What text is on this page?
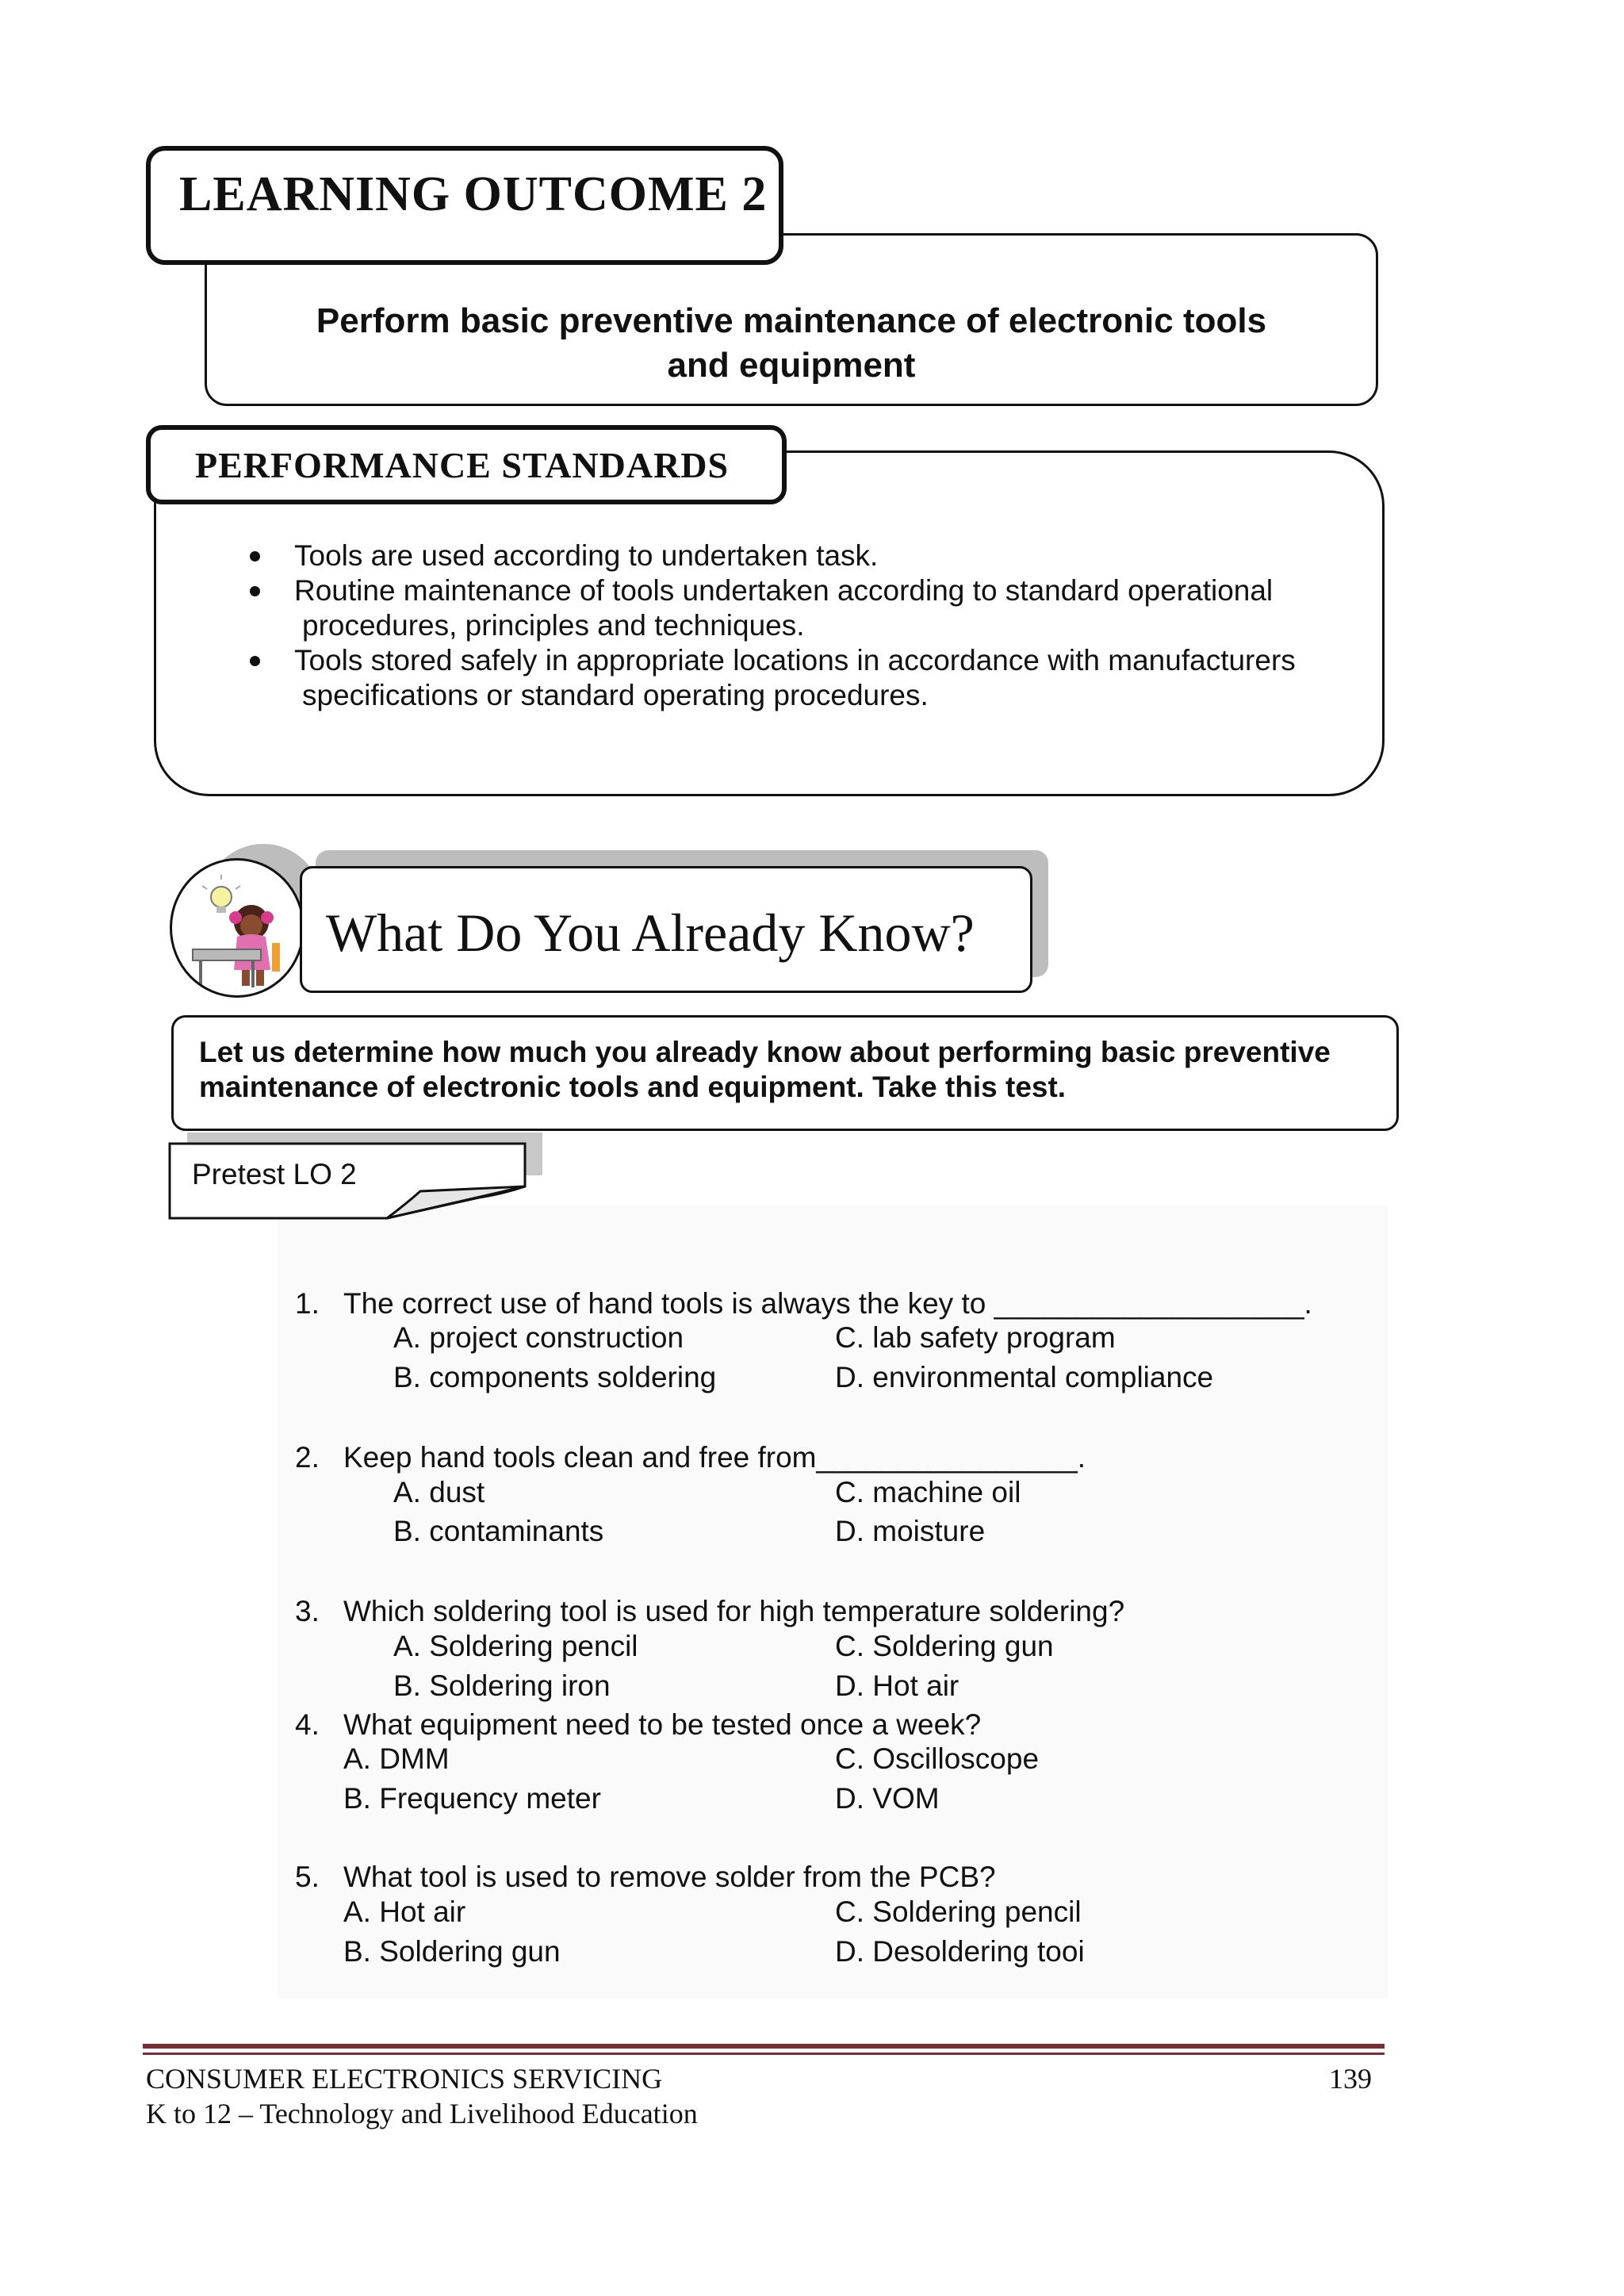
Perform basic preventive maintenance of electronic tools
and equipment
LEARNING OUTCOME 2
Tools are used according to undertaken task.
Routine maintenance of tools undertaken according to standard operational
procedures, principles and techniques.
Tools stored safely in appropriate locations in accordance with manufacturers
specifications or standard operating procedures.
PERFORMANCE STANDARDS
What Do You Already Know?
Let us determine how much you already know about performing basic preventive
maintenance of electronic tools and equipment. Take this test.
Pretest LO 2
1. The correct use of hand tools is always the key to ___________________.
A. project construction	C. lab safety program
B. components soldering	D. environmental compliance
2. Keep hand tools clean and free from________________.
A. dust	C. machine oil
B. contaminants	D. moisture
3. Which soldering tool is used for high temperature soldering?
A. Soldering pencil	C. Soldering gun
B. Soldering iron	D. Hot air
4. What equipment need to be tested once a week?
A. DMM	C. Oscilloscope
B. Frequency meter	D. VOM
5. What tool is used to remove solder from the PCB?
A. Hot air	C. Soldering pencil
B. Soldering gun	D. Desoldering tooi
CONSUMER ELECTRONICS SERVICING	139
K to 12 – Technology and Livelihood Education
